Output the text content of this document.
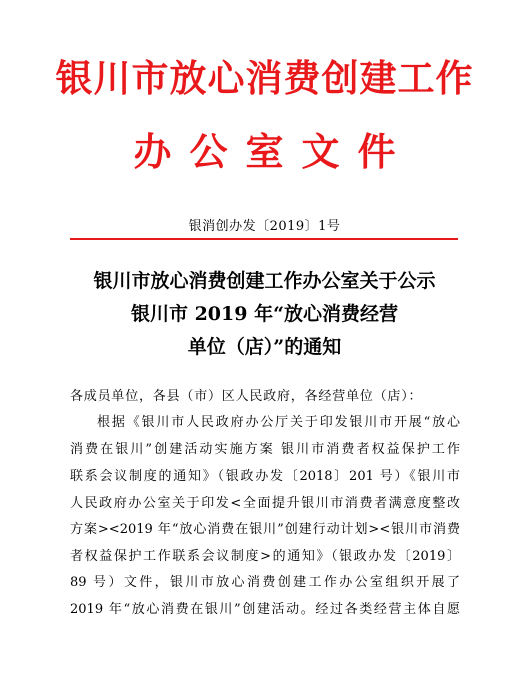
银川市放心消费创建工作
办公室文件
银消创办发〔2019〕1号
银川市放心消费创建工作办公室关于公示
银川市 2019 年“放心消费经营
单位（店）”的通知
各成员单位，各县（市）区人民政府，各经营单位（店）：
根据《银川市人民政府办公厅关于印发银川市开展“放心
消费在银川”创建活动实施方案 银川市消费者权益保护工作
联系会议制度的通知》（银政办发〔2018〕201 号）《银川市
人民政府办公室关于印发<全面提升银川市消费者满意度整改
方案><2019 年“放心消费在银川”创建行动计划><银川市消费
者权益保护工作联系会议制度>的通知》（银政办发〔2019〕
89 号）文件，银川市放心消费创建工作办公室组织开展了
2019 年“放心消费在银川”创建活动。经过各类经营主体自愿
